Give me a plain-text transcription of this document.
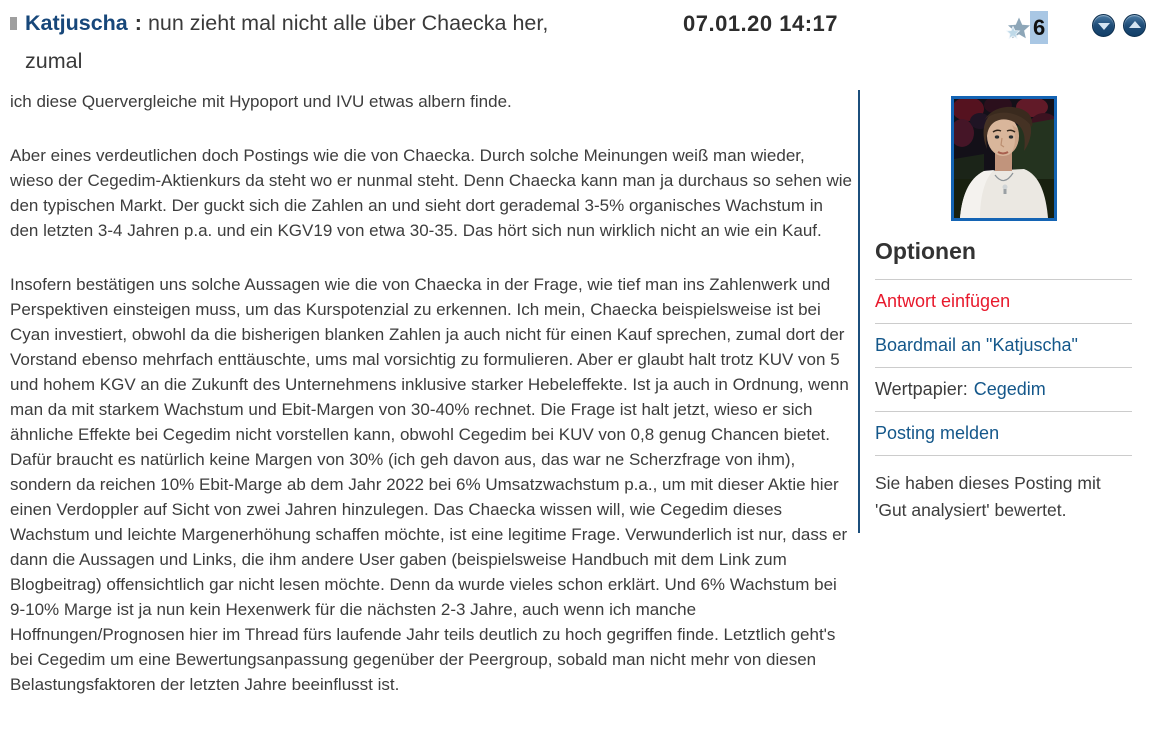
Katjuscha : nun zieht mal nicht alle über Chaecka her,
zumal
07.01.20 14:17	6

ich diese Quervergleiche mit Hypoport und IVU etwas albern finde.

Aber eines verdeutlichen doch Postings wie die von Chaecka. Durch solche Meinungen weiß man wieder, wieso der Cegedim-Aktienkurs da steht wo er nunmal steht. Denn Chaecka kann man ja durchaus so sehen wie den typischen Markt. Der guckt sich die Zahlen an und sieht dort gerademal 3-5% organisches Wachstum in den letzten 3-4 Jahren p.a. und ein KGV19 von etwa 30-35. Das hört sich nun wirklich nicht an wie ein Kauf.

Insofern bestätigen uns solche Aussagen wie die von Chaecka in der Frage, wie tief man ins Zahlenwerk und Perspektiven einsteigen muss, um das Kurspotenzial zu erkennen. Ich mein, Chaecka beispielsweise ist bei Cyan investiert, obwohl da die bisherigen blanken Zahlen ja auch nicht für einen Kauf sprechen, zumal dort der Vorstand ebenso mehrfach enttäuschte, ums mal vorsichtig zu formulieren. Aber er glaubt halt trotz KUV von 5 und hohem KGV an die Zukunft des Unternehmens inklusive starker Hebeleffekte. Ist ja auch in Ordnung, wenn man da mit starkem Wachstum und Ebit-Margen von 30-40% rechnet. Die Frage ist halt jetzt, wieso er sich ähnliche Effekte bei Cegedim nicht vorstellen kann, obwohl Cegedim bei KUV von 0,8 genug Chancen bietet. Dafür braucht es natürlich keine Margen von 30% (ich geh davon aus, das war ne Scherzfrage von ihm), sondern da reichen 10% Ebit-Marge ab dem Jahr 2022 bei 6% Umsatzwachstum p.a., um mit dieser Aktie hier einen Verdoppler auf Sicht von zwei Jahren hinzulegen. Das Chaecka wissen will, wie Cegedim dieses Wachstum und leichte Margenerhöhung schaffen möchte, ist eine legitime Frage. Verwunderlich ist nur, dass er dann die Aussagen und Links, die ihm andere User gaben (beispielsweise Handbuch mit dem Link zum Blogbeitrag) offensichtlich gar nicht lesen möchte. Denn da wurde vieles schon erklärt. Und 6% Wachstum bei 9-10% Marge ist ja nun kein Hexenwerk für die nächsten 2-3 Jahre, auch wenn ich manche Hoffnungen/Prognosen hier im Thread fürs laufende Jahr teils deutlich zu hoch gegriffen finde. Letztlich geht's bei Cegedim um eine Bewertungsanpassung gegenüber der Peergroup, sobald man nicht mehr von diesen Belastungsfaktoren der letzten Jahre beeinflusst ist.

Optionen
Antwort einfügen
Boardmail an "Katjuscha"
Wertpapier: Cegedim
Posting melden
Sie haben dieses Posting mit 'Gut analysiert' bewertet.
